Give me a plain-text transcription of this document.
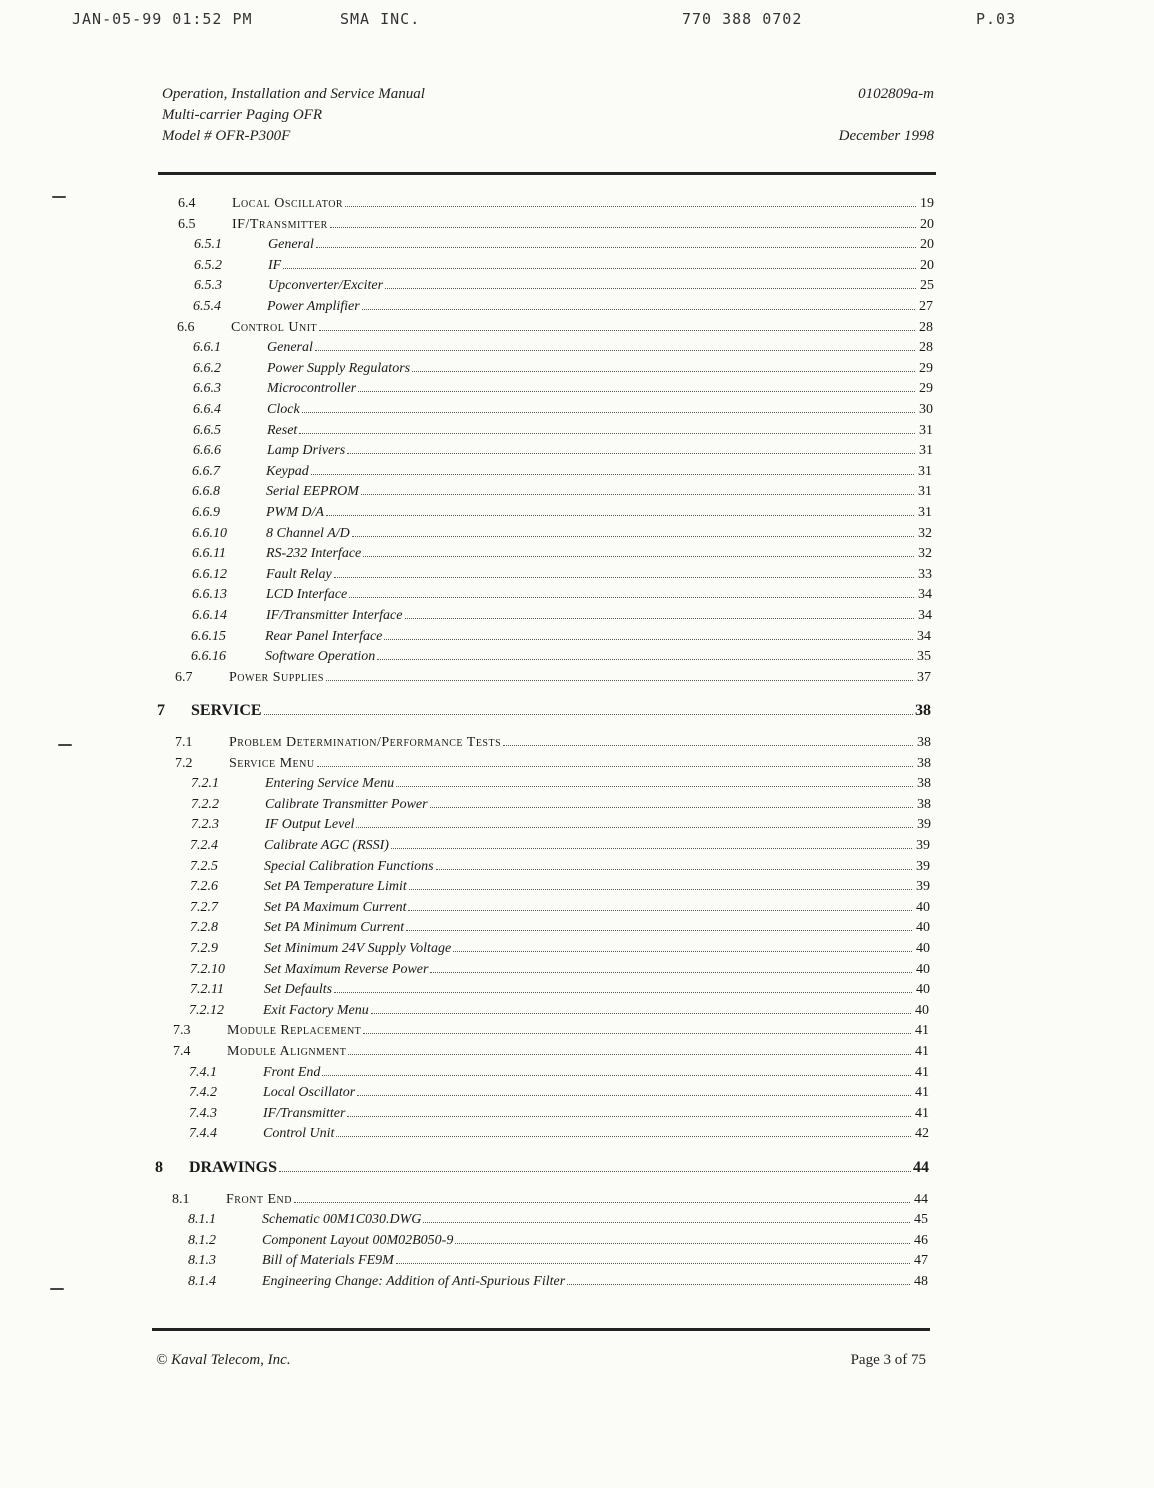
JAN-05-99 01:52 PM	SMA INC.	770 388 0702	P.03
Operation, Installation and Service Manual
Multi-carrier Paging OFR
Model # OFR-P300F
0102809a-m
December 1998
6.4	Local Oscillator	19
6.5	IF/Transmitter	20
6.5.1	General	20
6.5.2	IF	20
6.5.3	Upconverter/Exciter	25
6.5.4	Power Amplifier	27
6.6	Control Unit	28
6.6.1	General	28
6.6.2	Power Supply Regulators	29
6.6.3	Microcontroller	29
6.6.4	Clock	30
6.6.5	Reset	31
6.6.6	Lamp Drivers	31
6.6.7	Keypad	31
6.6.8	Serial EEPROM	31
6.6.9	PWM D/A	31
6.6.10	8 Channel A/D	32
6.6.11	RS-232 Interface	32
6.6.12	Fault Relay	33
6.6.13	LCD Interface	34
6.6.14	IF/Transmitter Interface	34
6.6.15	Rear Panel Interface	34
6.6.16	Software Operation	35
6.7	Power Supplies	37
7	SERVICE	38
7.1	Problem Determination/Performance Tests	38
7.2	Service Menu	38
7.2.1	Entering Service Menu	38
7.2.2	Calibrate Transmitter Power	38
7.2.3	IF Output Level	39
7.2.4	Calibrate AGC (RSSI)	39
7.2.5	Special Calibration Functions	39
7.2.6	Set PA Temperature Limit	39
7.2.7	Set PA Maximum Current	40
7.2.8	Set PA Minimum Current	40
7.2.9	Set Minimum 24V Supply Voltage	40
7.2.10	Set Maximum Reverse Power	40
7.2.11	Set Defaults	40
7.2.12	Exit Factory Menu	40
7.3	Module Replacement	41
7.4	Module Alignment	41
7.4.1	Front End	41
7.4.2	Local Oscillator	41
7.4.3	IF/Transmitter	41
7.4.4	Control Unit	42
8	DRAWINGS	44
8.1	Front End	44
8.1.1	Schematic 00M1C030.DWG	45
8.1.2	Component Layout 00M02B050-9	46
8.1.3	Bill of Materials FE9M	47
8.1.4	Engineering Change: Addition of Anti-Spurious Filter	48
© Kaval Telecom, Inc.	Page 3 of 75
